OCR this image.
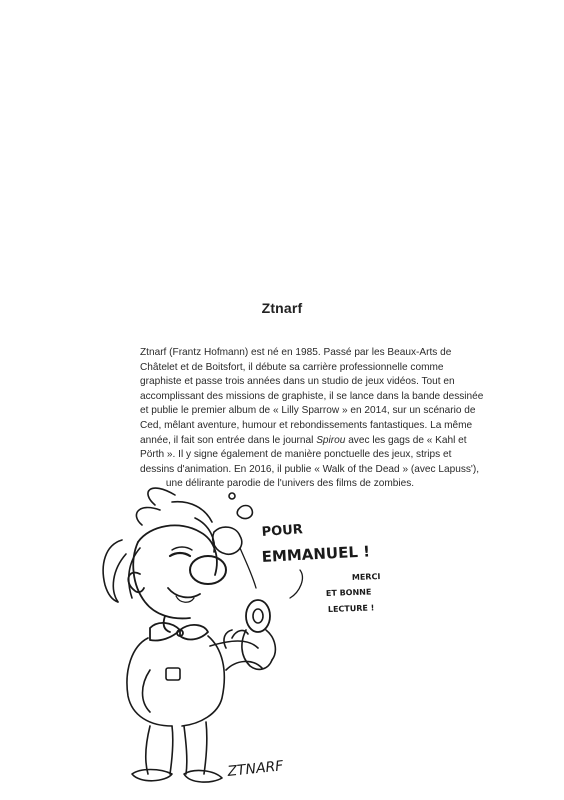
Ztnarf
Ztnarf (Frantz Hofmann) est né en 1985. Passé par les Beaux-Arts de
Châtelet et de Boitsfort, il débute sa carrière professionnelle comme
graphiste et passe trois années dans un studio de jeux vidéos. Tout en
accomplissant des missions de graphiste, il se lance dans la bande dessinée
et publie le premier album de « Lilly Sparrow » en 2014, sur un scénario de
Ced, mêlant aventure, humour et rebondissements fantastiques. La même
année, il fait son entrée dans le journal Spirou avec les gags de « Kahl et
Pörth ». Il y signe également de manière ponctuelle des jeux, strips et
dessins d'animation. En 2016, il publie « Walk of the Dead » (avec Lapuss'),
une délirante parodie de l'univers des films de zombies.
POUR
EMMANUEL !
MERCI
ET BONNE
LECTURE !
ZTNARF
